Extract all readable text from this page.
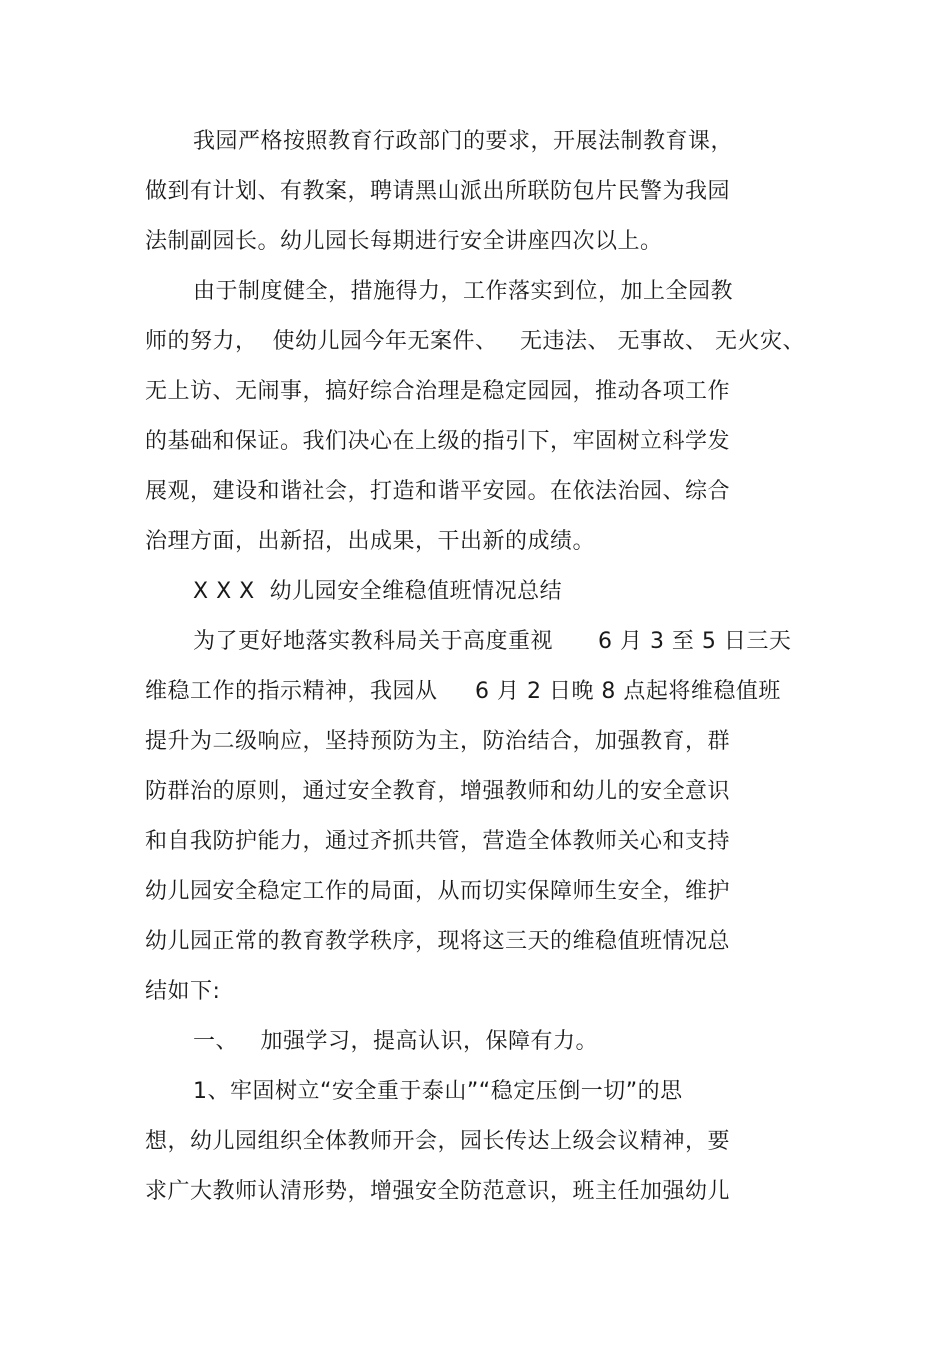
我园严格按照教育行政部门的要求，开展法制教育课，
做到有计划、有教案，聘请黑山派出所联防包片民警为我园
法制副园长。幼儿园长每期进行安全讲座四次以上。
由于制度健全，措施得力，工作落实到位，加上全园教
师的努力，  使幼儿园今年无案件、   无违法、 无事故、 无火灾、
无上访、无闹事，搞好综合治理是稳定园园，推动各项工作
的基础和保证。我们决心在上级的指引下，牢固树立科学发
展观，建设和谐社会，打造和谐平安园。在依法治园、综合
治理方面，出新招，出成果，干出新的成绩。
X X X  幼儿园安全维稳值班情况总结
为了更好地落实教科局关于高度重视      6 月 3 至 5 日三天
维稳工作的指示精神，我园从     6 月 2 日晚 8 点起将维稳值班
提升为二级响应，坚持预防为主，防治结合，加强教育，群
防群治的原则，通过安全教育，增强教师和幼儿的安全意识
和自我防护能力，通过齐抓共管，营造全体教师关心和支持
幼儿园安全稳定工作的局面，从而切实保障师生安全，维护
幼儿园正常的教育教学秩序，现将这三天的维稳值班情况总
结如下:
一、   加强学习，提高认识，保障有力。
1、牢固树立“安全重于泰山”“稳定压倒一切”的思
想，幼儿园组织全体教师开会，园长传达上级会议精神，要
求广大教师认清形势，增强安全防范意识，班主任加强幼儿
